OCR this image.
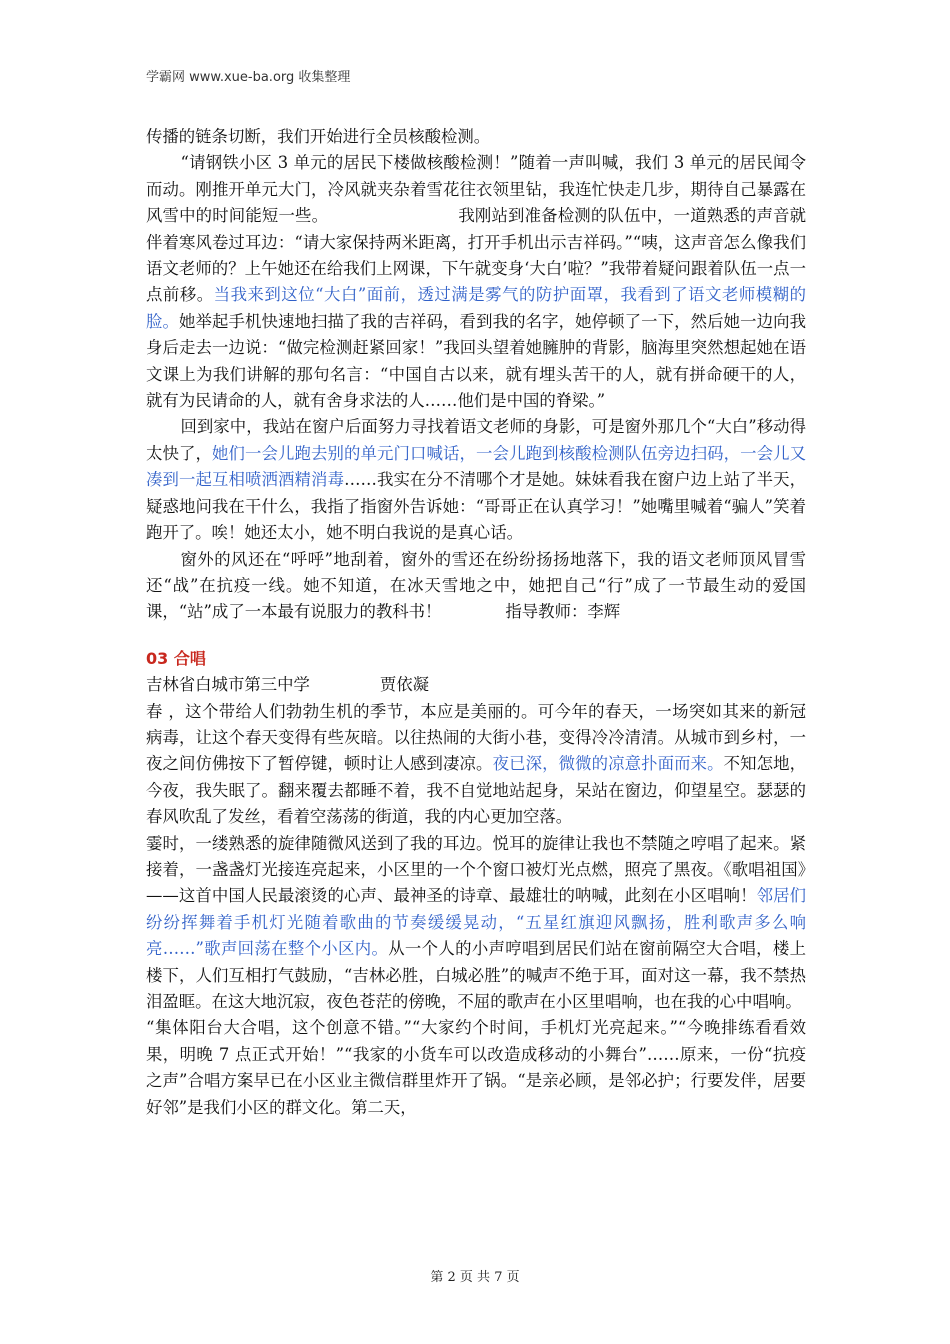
学霸网 www.xue-ba.org 收集整理

传播的链条切断，我们开始进行全员核酸检测。

“请钢铁小区 3 单元的居民下楼做核酸检测！”随着一声叫喊，我们 3 单元的居民闻令而动。刚推开单元大门，冷风就夹杂着雪花往衣领里钻，我连忙快走几步，期待自己暴露在风雪中的时间能短一些。	我刚站到准备检测的队伍中，一道熟悉的声音就伴着寒风卷过耳边：“请大家保持两米距离，打开手机出示吉祥码。”“咦，这声音怎么像我们语文老师的？上午她还在给我们上网课，下午就变身‘大白’啦？”我带着疑问跟着队伍一点一点前移。当我来到这位“大白”面前，透过满是雾气的防护面罩，我看到了语文老师模糊的脸。她举起手机快速地扫描了我的吉祥码，看到我的名字，她停顿了一下，然后她一边向我身后走去一边说：“做完检测赶紧回家！”我回头望着她臃肿的背影，脑海里突然想起她在语文课上为我们讲解的那句名言：“中国自古以来，就有埋头苦干的人，就有拼命硬干的人，就有为民请命的人，就有舍身求法的人……他们是中国的脊梁。”

回到家中，我站在窗户后面努力寻找着语文老师的身影，可是窗外那几个“大白”移动得太快了，她们一会儿跑去别的单元门口喊话，一会儿跑到核酸检测队伍旁边扫码，一会儿又凑到一起互相喷洒酒精消毒……我实在分不清哪个才是她。妹妹看我在窗户边上站了半天，疑惑地问我在干什么，我指了指窗外告诉她：“哥哥正在认真学习！”她嘴里喊着“骗人”笑着跑开了。唉！她还太小，她不明白我说的是真心话。

窗外的风还在“呼呼”地刮着，窗外的雪还在纷纷扬扬地落下，我的语文老师顶风冒雪还“战”在抗疫一线。她不知道，在冰天雪地之中，她把自己“行”成了一节最生动的爱国课，“站”成了一本最有说服力的教科书！	指导教师：李辉

03 合唱

吉林省白城市第三中学	贾依凝

春 ，这个带给人们勃勃生机的季节，本应是美丽的。可今年的春天，一场突如其来的新冠病毒，让这个春天变得有些灰暗。以往热闹的大街小巷，变得冷冷清清。从城市到乡村，一夜之间仿佛按下了暂停键，顿时让人感到凄凉。夜已深，微微的凉意扑面而来。不知怎地，今夜，我失眠了。翻来覆去都睡不着，我不自觉地站起身，呆站在窗边，仰望星空。瑟瑟的春风吹乱了发丝，看着空荡荡的街道，我的内心更加空落。

霎时，一缕熟悉的旋律随微风送到了我的耳边。悦耳的旋律让我也不禁随之哼唱了起来。紧接着，一盏盏灯光接连亮起来，小区里的一个个窗口被灯光点燃，照亮了黑夜。《歌唱祖国》——这首中国人民最滚烫的心声、最神圣的诗章、最雄壮的呐喊，此刻在小区唱响！邻居们纷纷挥舞着手机灯光随着歌曲的节奏缓缓晃动，“五星红旗迎风飘扬，胜利歌声多么响亮……”歌声回荡在整个小区内。从一个人的小声哼唱到居民们站在窗前隔空大合唱，楼上楼下，人们互相打气鼓励，“吉林必胜，白城必胜”的喊声不绝于耳，面对这一幕，我不禁热泪盈眶。在这大地沉寂，夜色苍茫的傍晚，不屈的歌声在小区里唱响，也在我的心中唱响。

“集体阳台大合唱，这个创意不错。”“大家约个时间，手机灯光亮起来。”“今晚排练看看效果，明晚 7 点正式开始！”“我家的小货车可以改造成移动的小舞台”……原来，一份“抗疫之声”合唱方案早已在小区业主微信群里炸开了锅。“是亲必顾，是邻必护；行要发伴，居要好邻”是我们小区的群文化。第二天，

第 2 页 共 7 页
